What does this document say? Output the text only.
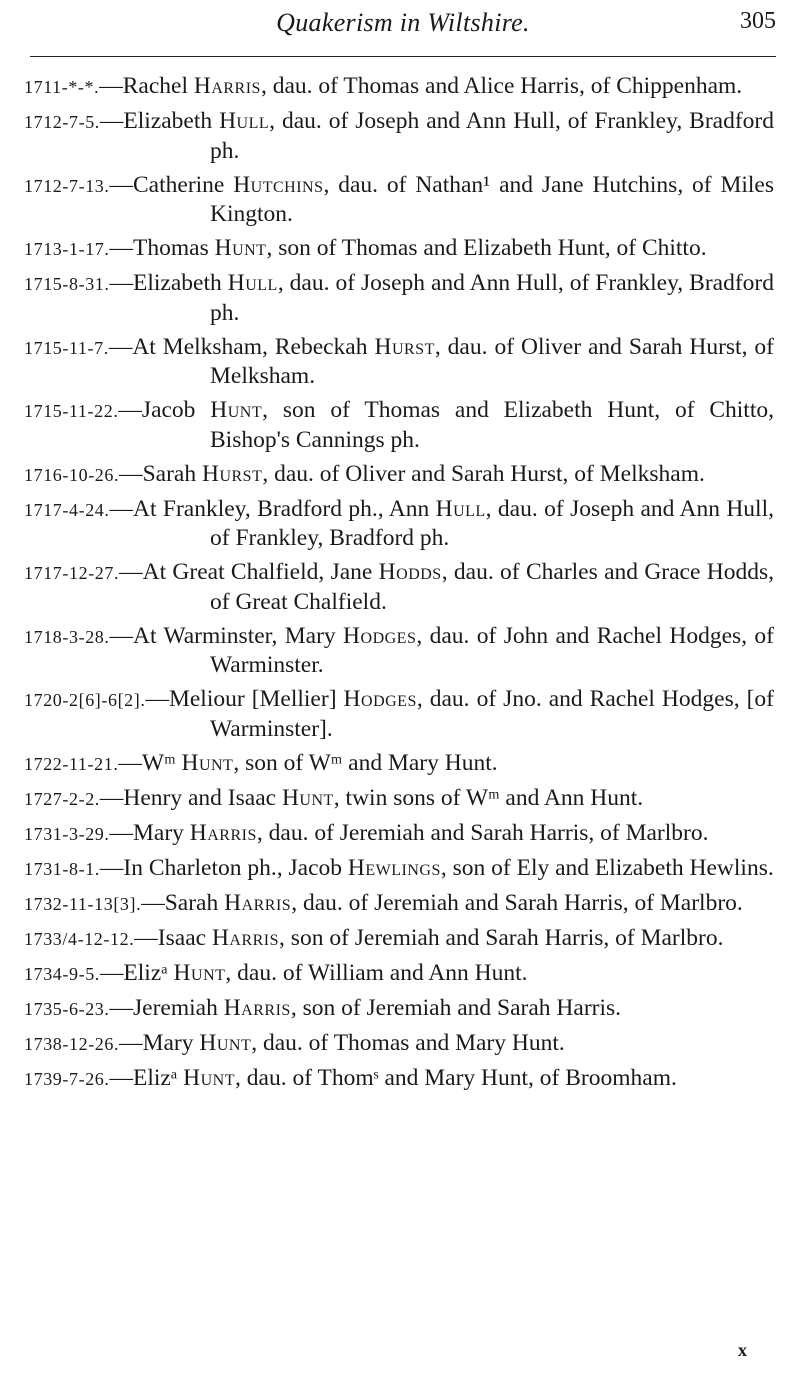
Quakerism in Wiltshire.	305
1711-*-*.—Rachel Harris, dau. of Thomas and Alice Harris, of Chippenham.
1712-7-5.—Elizabeth Hull, dau. of Joseph and Ann Hull, of Frankley, Bradford ph.
1712-7-13.—Catherine Hutchins, dau. of Nathan¹ and Jane Hutchins, of Miles Kington.
1713-1-17.—Thomas Hunt, son of Thomas and Elizabeth Hunt, of Chitto.
1715-8-31.—Elizabeth Hull, dau. of Joseph and Ann Hull, of Frankley, Bradford ph.
1715-11-7.—At Melksham, Rebeckah Hurst, dau. of Oliver and Sarah Hurst, of Melksham.
1715-11-22.—Jacob Hunt, son of Thomas and Elizabeth Hunt, of Chitto, Bishop's Cannings ph.
1716-10-26.—Sarah Hurst, dau. of Oliver and Sarah Hurst, of Melksham.
1717-4-24.—At Frankley, Bradford ph., Ann Hull, dau. of Joseph and Ann Hull, of Frankley, Bradford ph.
1717-12-27.—At Great Chalfield, Jane Hodds, dau. of Charles and Grace Hodds, of Great Chalfield.
1718-3-28.—At Warminster, Mary Hodges, dau. of John and Rachel Hodges, of Warminster.
1720-2[6]-6[2].—Meliour [Mellier] Hodges, dau. of Jno. and Rachel Hodges, [of Warminster].
1722-11-21.—Wᵐ Hunt, son of Wᵐ and Mary Hunt.
1727-2-2.—Henry and Isaac Hunt, twin sons of Wᵐ and Ann Hunt.
1731-3-29.—Mary Harris, dau. of Jeremiah and Sarah Harris, of Marlbro.
1731-8-1.—In Charleton ph., Jacob Hewlings, son of Ely and Elizabeth Hewlins.
1732-11-13[3].—Sarah Harris, dau. of Jeremiah and Sarah Harris, of Marlbro.
1733/4-12-12.—Isaac Harris, son of Jeremiah and Sarah Harris, of Marlbro.
1734-9-5.—Elizᵃ Hunt, dau. of William and Ann Hunt.
1735-6-23.—Jeremiah Harris, son of Jeremiah and Sarah Harris.
1738-12-26.—Mary Hunt, dau. of Thomas and Mary Hunt.
1739-7-26.—Elizᵃ Hunt, dau. of Thomˢ and Mary Hunt, of Broomham.
x
